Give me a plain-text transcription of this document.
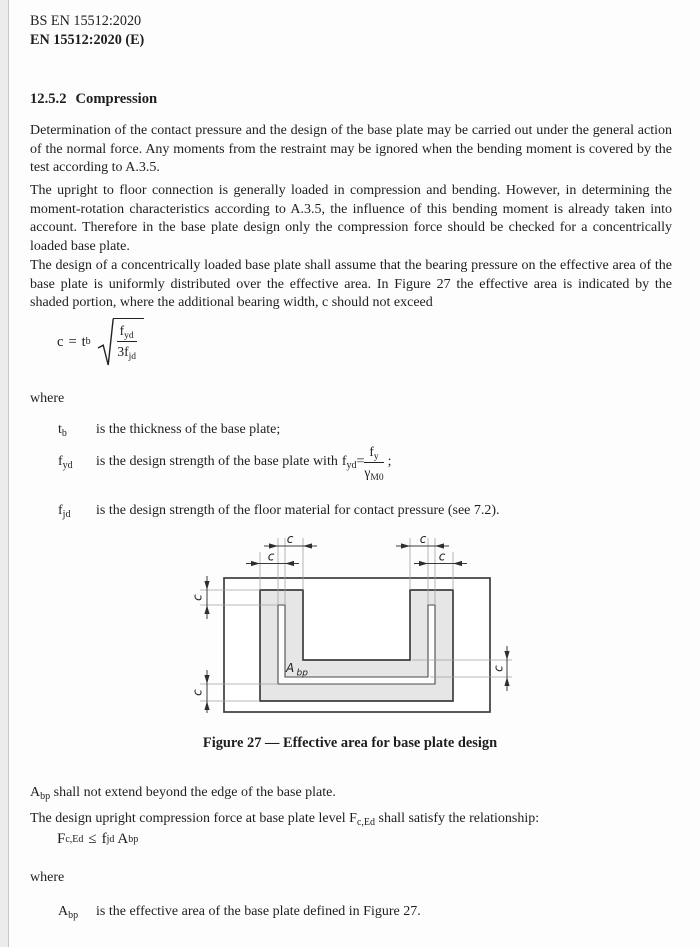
BS EN 15512:2020
EN 15512:2020 (E)
12.5.2 Compression

Determination of the contact pressure and the design of the base plate may be carried out under the general action of the normal force. Any moments from the restraint may be ignored when the bending moment is covered by the test according to A.3.5.

The upright to floor connection is generally loaded in compression and bending. However, in determining the moment-rotation characteristics according to A.3.5, the influence of this bending moment is already taken into account. Therefore in the base plate design only the compression force should be checked for a concentrically loaded base plate.

The design of a concentrically loaded base plate shall assume that the bearing pressure on the effective area of the base plate is uniformly distributed over the effective area. In Figure 27 the effective area is indicated by the shaded portion, where the additional bearing width, c should not exceed

c = t b $\frac{f_{yd}}{3f_{jd}}$
where
$t_b$	is the thickness of the base plate;
$f_{yd}$	is the design strength of the base plate with $f_{yd} = \frac{f_y}{\gamma_{M0}}$ ;
$f_{jd}$	is the design strength of the floor material for contact pressure (see 7.2).
c
c
c
c
c
c
c
A bp
Figure 27 — Effective area for base plate design
$A_{bp}$ shall not extend beyond the edge of the base plate.
The design upright compression force at base plate level $F_{c,Ed}$ shall satisfy the relationship:
F c,Ed ≤ f jd A bp
where
$A_{bp}$	is the effective area of the base plate defined in Figure 27.
